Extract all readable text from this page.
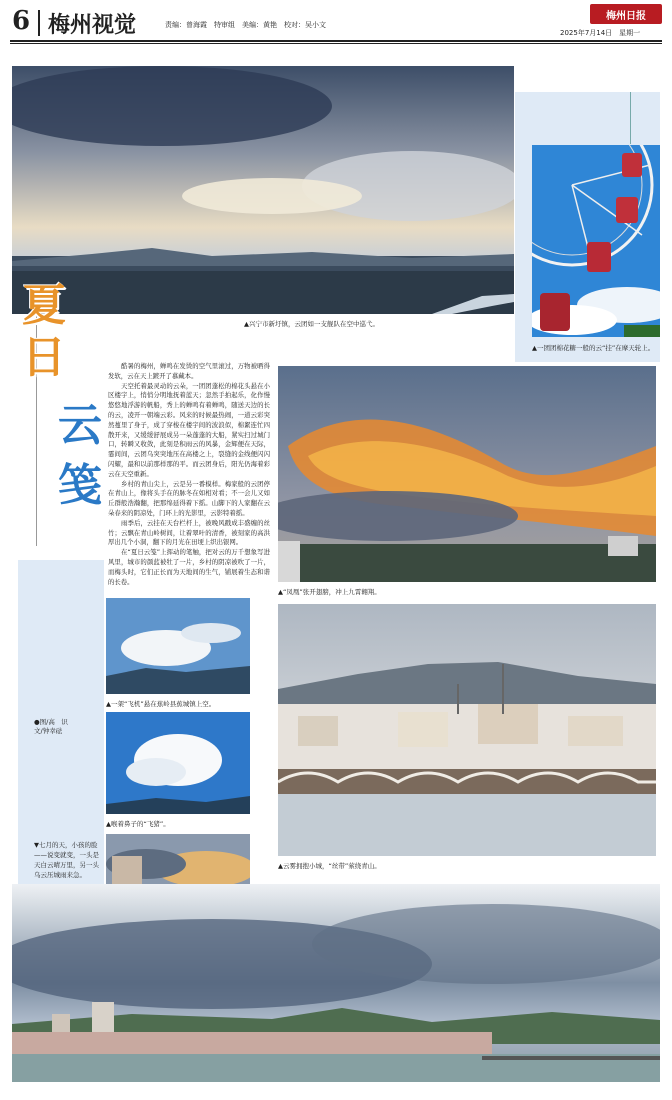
6 梅州视觉	责编：曾海霞　特审组　美编：黄艳　校对：吴小文
梅州日报
2025年7月14日　星期一
▲兴宁市新圩镇，云团如一支舰队在空中巡弋。
▲一团团棉花糖一般的云“挂”在摩天轮上。
夏
日
云
笺

酷暑的梅州，蝉鸣在发烫的空气里滚过，万物被晒得发软，云在天上踱开了慕藏本。

天空托着最灵动的云朵，一团团蓬松的棉花头悬在小区楼宇上，悄悄分明地抚着蓝天；忽然手拍起乐，化作慢悠悠地浮游的帆船，秀上的蝉鸣有着蝉鸣，随送天边的长的云，凌开一朝端云彩。风来的时候最热闹，一道云彩突然蔓里了身子，成了穿梭在楼宇间的波浪似，棉絮连忙四散开来，又缓缓舒展成另一朵蓬蓬的大船，紧实扫过城门口，转瞬又收敛，此刻是积雨云的风暴，金辉便在天际，霎间间，云团乌突突地压在高楼之上，裂缝的金线便闪闪闪耀，最和以前那样那的平。而云团身后，阳光仍海着彩云在天空重新。

乡村的青山尖上，云是另一番模样。梅家般的云团停在青山上，像将头手在的脉冬在如相对看；不一会儿又如丘群般浩瀚翻，把那绵延得着下摇。山脚下的人家翻在云朵春来的阴凉处，门环上的光影里，云影特着摇。

雨季后，云挂在天台栏杆上，被晚风戳成丰盛缠的丝竹；云飘在青山岭树间，让着翠叶的清香，被刻家的高洪厚出几个小洞，翻下的月光在田埂上织出银网。

在“夏日云笺”上挥动的笔触，把对云的万千想象写进风里，城市的颜蓝被牡了一片，乡村的阴凉被吹了一片，而梅头时，它们正长而为天地间的生气，铺展着生态和谐的长卷。

▲“凤凰”张开翅膀，冲上九霄翱翔。
▲一架“飞机”悬在蕉岭县蕉城镇上空。
▲喉着鼻子的“飞猪”。
▲云雾拥抱小城，“丝带”萦绕青山。
●图/高　识
文/钟幸砝
▼七月的天，小孩的脸——说变就变，一头是天白云晴万里，另一头乌云压城雨来急。
